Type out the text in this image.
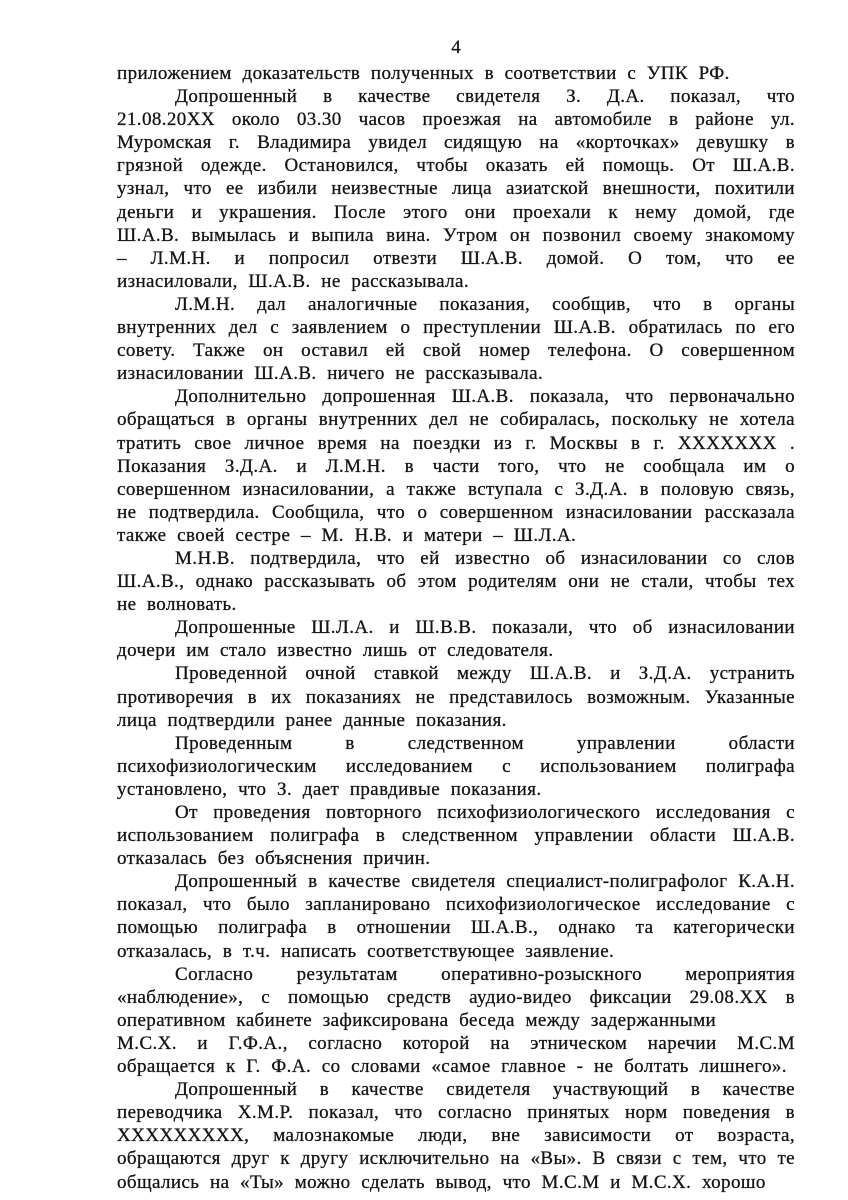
4

приложением доказательств полученных в соответствии с УПК РФ.

Допрошенный в качестве свидетеля З. Д.А. показал, что 21.08.20XX около 03.30 часов проезжая на автомобиле в районе ул. Муромская г. Владимира увидел сидящую на «корточках» девушку в грязной одежде. Остановился, чтобы оказать ей помощь. От Ш.А.В. узнал, что ее избили неизвестные лица азиатской внешности, похитили деньги и украшения. После этого они проехали к нему домой, где Ш.А.В. вымылась и выпила вина. Утром он позвонил своему знакомому – Л.М.Н. и попросил отвезти Ш.А.В. домой. О том, что ее изнасиловали, Ш.А.В. не рассказывала.

Л.М.Н. дал аналогичные показания, сообщив, что в органы внутренних дел с заявлением о преступлении Ш.А.В. обратилась по его совету. Также он оставил ей свой номер телефона. О совершенном изнасиловании Ш.А.В. ничего не рассказывала.

Дополнительно допрошенная Ш.А.В. показала, что первоначально обращаться в органы внутренних дел не собиралась, поскольку не хотела тратить свое личное время на поездки из г. Москвы в г. XXXXXXX . Показания З.Д.А. и Л.М.Н. в части того, что не сообщала им о совершенном изнасиловании, а также вступала с З.Д.А. в половую связь, не подтвердила. Сообщила, что о совершенном изнасиловании рассказала также своей сестре – М. Н.В. и матери – Ш.Л.А.

М.Н.В. подтвердила, что ей известно об изнасиловании со слов Ш.А.В., однако рассказывать об этом родителям они не стали, чтобы тех не волновать.

Допрошенные Ш.Л.А. и Ш.В.В. показали, что об изнасиловании дочери им стало известно лишь от следователя.

Проведенной очной ставкой между Ш.А.В. и З.Д.А. устранить противоречия в их показаниях не представилось возможным. Указанные лица подтвердили ранее данные показания.

Проведенным в следственном управлении области психофизиологическим исследованием с использованием полиграфа установлено, что З. дает правдивые показания.

От проведения повторного психофизиологического исследования с использованием полиграфа в следственном управлении области Ш.А.В. отказалась без объяснения причин.

Допрошенный в качестве свидетеля специалист-полиграфолог К.А.Н. показал, что было запланировано психофизиологическое исследование с помощью полиграфа в отношении Ш.А.В., однако та категорически отказалась, в т.ч. написать соответствующее заявление.

Согласно результатам оперативно-розыскного мероприятия «наблюдение», с помощью средств аудио-видео фиксации 29.08.XX в оперативном кабинете зафиксирована беседа между задержанными

М.С.Х. и Г.Ф.А., согласно которой на этническом наречии М.С.М обращается к Г. Ф.А. со словами «самое главное - не болтать лишнего».

Допрошенный в качестве свидетеля участвующий в качестве переводчика Х.М.Р. показал, что согласно принятых норм поведения в XXXXXXXXX, малознакомые люди, вне зависимости от возраста, обращаются друг к другу исключительно на «Вы». В связи с тем, что те общались на «Ты» можно сделать вывод, что М.С.М и М.С.Х. хорошо
